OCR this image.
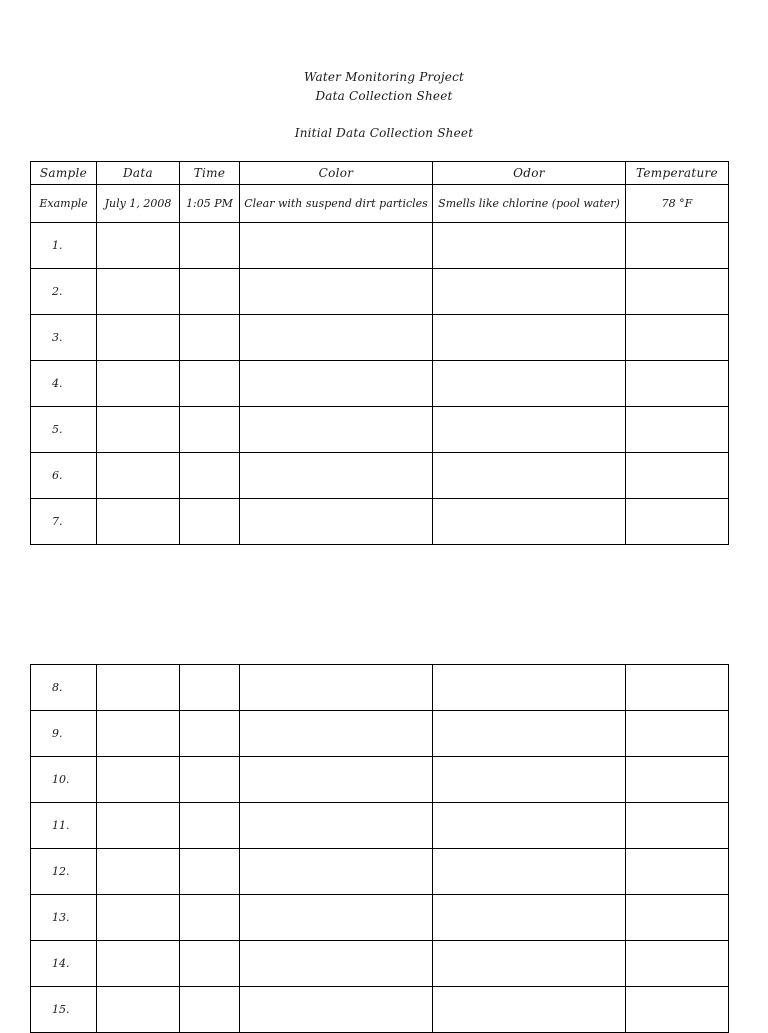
Water Monitoring Project
Data Collection Sheet
Initial Data Collection Sheet
Sample	Data	Time	Color	Odor	Temperature
Example	July 1, 2008	1:05 PM	Clear with suspend dirt particles	Smells like chlorine (pool water)	78 °F
1.					
2.					
3.					
4.					
5.					
6.					
7.					
8.					
9.					
10.					
11.					
12.					
13.					
14.					
15.					
